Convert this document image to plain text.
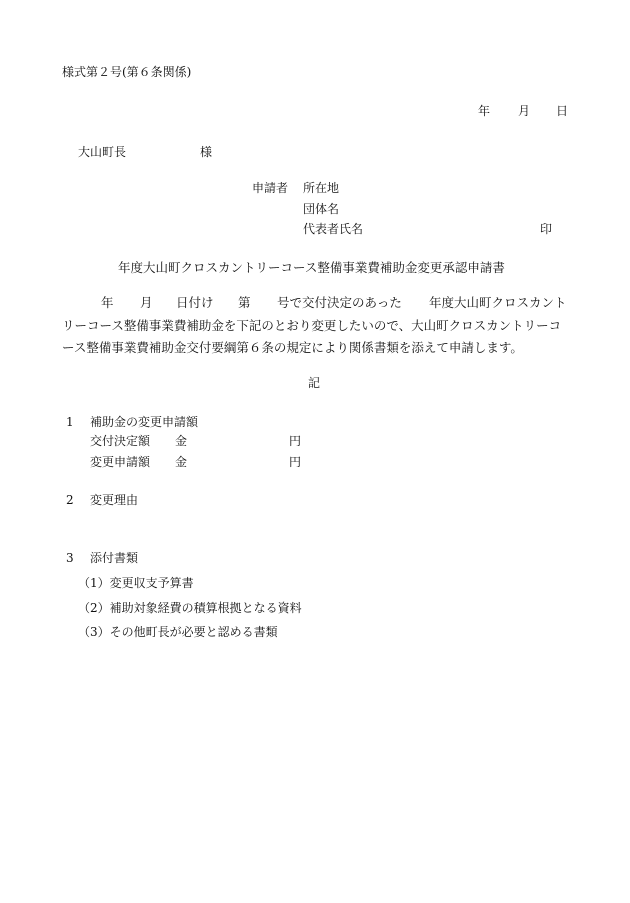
様式第２号(第６条関係)
年 月 日
大山町長	様
申請者 所在地
団体名
代表者氏名	印
年度大山町クロスカントリーコース整備事業費補助金変更承認申請書
年 月 日付け 第 号で交付決定のあった 年度大山町クロスカント
リーコース整備事業費補助金を下記のとおり変更したいので、大山町クロスカントリーコ
ース整備事業費補助金交付要綱第６条の規定により関係書類を添えて申請します。
記
1 補助金の変更申請額
交付決定額 金	円
変更申請額 金	円
2 変更理由
3 添付書類
（1）変更収支予算書
（2）補助対象経費の積算根拠となる資料
（3）その他町長が必要と認める書類
